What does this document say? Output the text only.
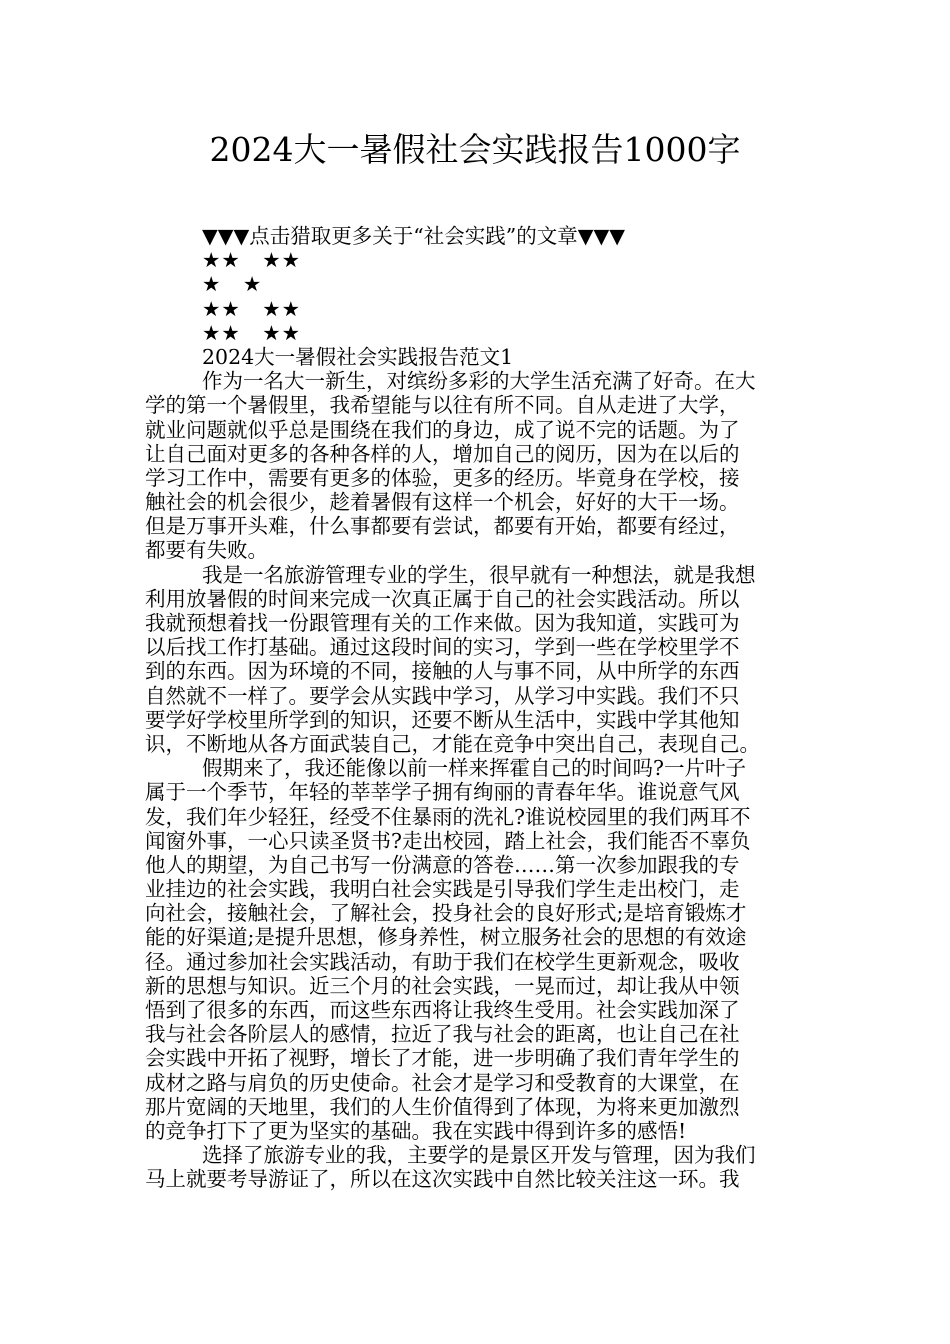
2024大一暑假社会实践报告1000字
▼▼▼点击猎取更多关于“社会实践”的文章▼▼▼
★★　★★
★　★
★★　★★
★★　★★
2024大一暑假社会实践报告范文1
作为一名大一新生，对缤纷多彩的大学生活充满了好奇。在大
学的第一个暑假里，我希望能与以往有所不同。自从走进了大学，
就业问题就似乎总是围绕在我们的身边，成了说不完的话题。为了
让自己面对更多的各种各样的人，增加自己的阅历，因为在以后的
学习工作中，需要有更多的体验，更多的经历。毕竟身在学校，接
触社会的机会很少，趁着暑假有这样一个机会，好好的大干一场。
但是万事开头难，什么事都要有尝试，都要有开始，都要有经过，
都要有失败。
我是一名旅游管理专业的学生，很早就有一种想法，就是我想
利用放暑假的时间来完成一次真正属于自己的社会实践活动。所以
我就预想着找一份跟管理有关的工作来做。因为我知道，实践可为
以后找工作打基础。通过这段时间的实习，学到一些在学校里学不
到的东西。因为环境的不同，接触的人与事不同，从中所学的东西
自然就不一样了。要学会从实践中学习，从学习中实践。我们不只
要学好学校里所学到的知识，还要不断从生活中，实践中学其他知
识，不断地从各方面武装自己，才能在竞争中突出自己，表现自己。
假期来了，我还能像以前一样来挥霍自己的时间吗?一片叶子
属于一个季节，年轻的莘莘学子拥有绚丽的青春年华。谁说意气风
发，我们年少轻狂，经受不住暴雨的洗礼?谁说校园里的我们两耳不
闻窗外事，一心只读圣贤书?走出校园，踏上社会，我们能否不辜负
他人的期望，为自己书写一份满意的答卷……第一次参加跟我的专
业挂边的社会实践，我明白社会实践是引导我们学生走出校门，走
向社会，接触社会，了解社会，投身社会的良好形式;是培育锻炼才
能的好渠道;是提升思想，修身养性，树立服务社会的思想的有效途
径。通过参加社会实践活动，有助于我们在校学生更新观念，吸收
新的思想与知识。近三个月的社会实践，一晃而过，却让我从中领
悟到了很多的东西，而这些东西将让我终生受用。社会实践加深了
我与社会各阶层人的感情，拉近了我与社会的距离，也让自己在社
会实践中开拓了视野，增长了才能，进一步明确了我们青年学生的
成材之路与肩负的历史使命。社会才是学习和受教育的大课堂，在
那片宽阔的天地里，我们的人生价值得到了体现，为将来更加激烈
的竞争打下了更为坚实的基础。我在实践中得到许多的感悟!
选择了旅游专业的我，主要学的是景区开发与管理，因为我们
马上就要考导游证了，所以在这次实践中自然比较关注这一环。我
